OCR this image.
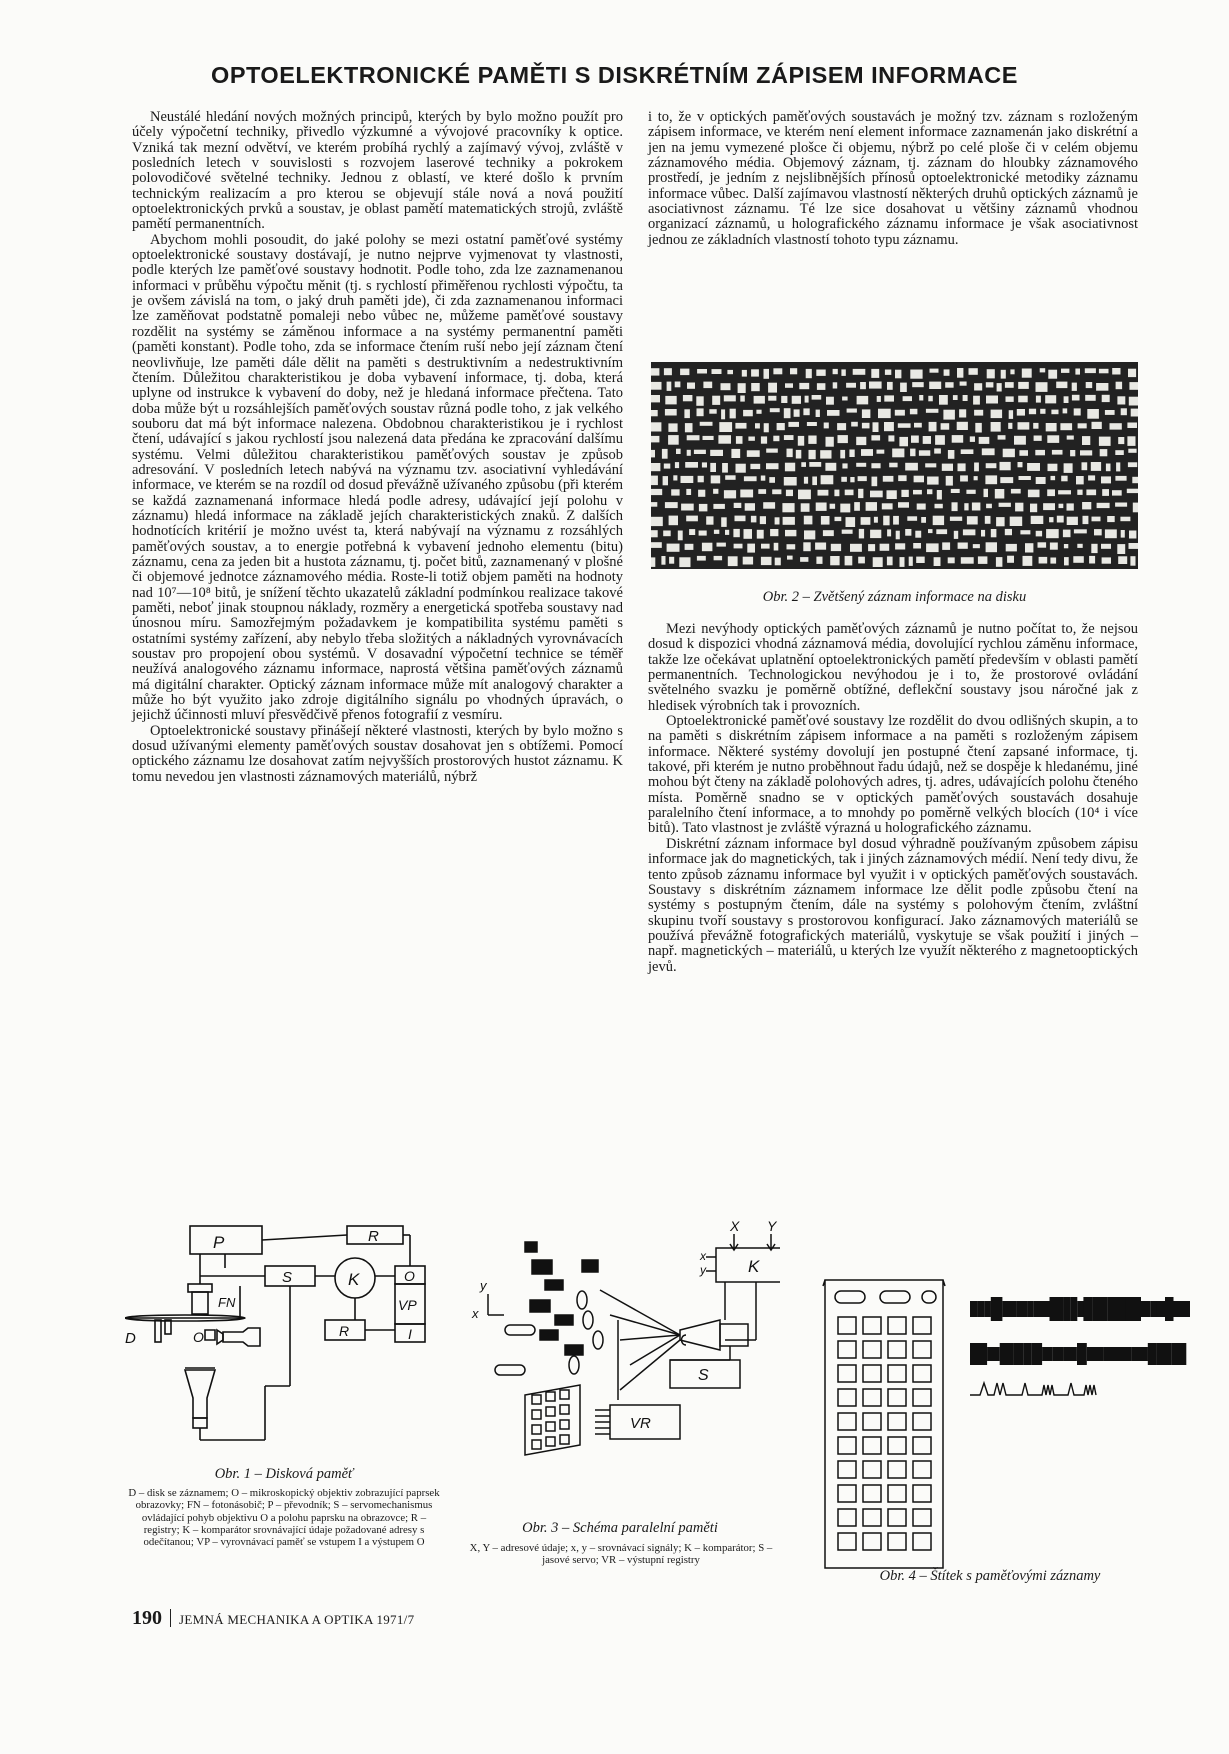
OPTOELEKTRONICKÉ PAMĚTI S DISKRÉTNÍM ZÁPISEM INFORMACE

Neustálé hledání nových možných principů, kterých by bylo možno použít pro účely výpočetní techniky, přivedlo výzkumné a vývojové pracovníky k optice. Vzniká tak mezní odvětví, ve kterém probíhá rychlý a zajímavý vývoj, zvláště v posledních letech v souvislosti s rozvojem laserové techniky a pokrokem polovodičové světelné techniky. Jednou z oblastí, ve které došlo k prvním technickým realizacím a pro kterou se objevují stále nová a nová použití optoelektronických prvků a soustav, je oblast pamětí matematických strojů, zvláště pamětí permanentních.

Abychom mohli posoudit, do jaké polohy se mezi ostatní paměťové systémy optoelektronické soustavy dostávají, je nutno nejprve vyjmenovat ty vlastnosti, podle kterých lze paměťové soustavy hodnotit. Podle toho, zda lze zaznamenanou informaci v průběhu výpočtu měnit (tj. s rychlostí přiměřenou rychlosti výpočtu, ta je ovšem závislá na tom, o jaký druh paměti jde), či zda zaznamenanou informaci lze zaměňovat podstatně pomaleji nebo vůbec ne, můžeme paměťové soustavy rozdělit na systémy se záměnou informace a na systémy permanentní paměti (paměti konstant). Podle toho, zda se informace čtením ruší nebo její záznam čtení neovlivňuje, lze paměti dále dělit na paměti s destruktivním a nedestruktivním čtením. Důležitou charakteristikou je doba vybavení informace, tj. doba, která uplyne od instrukce k vybavení do doby, než je hledaná informace přečtena. Tato doba může být u rozsáhlejších paměťových soustav různá podle toho, z jak velkého souboru dat má být informace nalezena. Obdobnou charakteristikou je i rychlost čtení, udávající s jakou rychlostí jsou nalezená data předána ke zpracování dalšímu systému. Velmi důležitou charakteristikou paměťových soustav je způsob adresování. V posledních letech nabývá na významu tzv. asociativní vyhledávání informace, ve kterém se na rozdíl od dosud převážně užívaného způsobu (při kterém se každá zaznamenaná informace hledá podle adresy, udávající její polohu v záznamu) hledá informace na základě jejích charakteristických znaků. Z dalších hodnotících kritérií je možno uvést ta, která nabývají na významu z rozsáhlých paměťových soustav, a to energie potřebná k vybavení jednoho elementu (bitu) záznamu, cena za jeden bit a hustota záznamu, tj. počet bitů, zaznamenaný v plošné či objemové jednotce záznamového média. Roste-li totiž objem paměti na hodnoty nad 10⁷—10⁸ bitů, je snížení těchto ukazatelů základní podmínkou realizace takové paměti, neboť jinak stoupnou náklady, rozměry a energetická spotřeba soustavy nad únosnou míru. Samozřejmým požadavkem je kompatibilita systému paměti s ostatními systémy zařízení, aby nebylo třeba složitých a nákladných vyrovnávacích soustav pro propojení obou systémů. V dosavadní výpočetní technice se téměř neužívá analogového záznamu informace, naprostá většina paměťových záznamů má digitální charakter. Optický záznam informace může mít analogový charakter a může ho být využito jako zdroje digitálního signálu po vhodných úpravách, o jejichž účinnosti mluví přesvědčivě přenos fotografií z vesmíru.

Optoelektronické soustavy přinášejí některé vlastnosti, kterých by bylo možno s dosud užívanými elementy paměťových soustav dosahovat jen s obtížemi. Pomocí optického záznamu lze dosahovat zatím nejvyšších prostorových hustot záznamu. K tomu nevedou jen vlastnosti záznamových materiálů, nýbrž

i to, že v optických paměťových soustavách je možný tzv. záznam s rozloženým zápisem informace, ve kterém není element informace zaznamenán jako diskrétní a jen na jemu vymezené plošce či objemu, nýbrž po celé ploše či v celém objemu záznamového média. Objemový záznam, tj. záznam do hloubky záznamového prostředí, je jedním z nejslibnějších přínosů optoelektronické metodiky záznamu informace vůbec. Další zajímavou vlastností některých druhů optických záznamů je asociativnost záznamu. Té lze sice dosahovat u většiny záznamů vhodnou organizací záznamů, u holografického záznamu informace je však asociativnost jednou ze základních vlastností tohoto typu záznamu.

Obr. 2 – Zvětšený záznam informace na disku

Mezi nevýhody optických paměťových záznamů je nutno počítat to, že nejsou dosud k dispozici vhodná záznamová média, dovolující rychlou záměnu informace, takže lze očekávat uplatnění optoelektronických pamětí především v oblasti pamětí permanentních. Technologickou nevýhodou je i to, že prostorové ovládání světelného svazku je poměrně obtížné, deflekční soustavy jsou náročné jak z hledisek výrobních tak i provozních.

Optoelektronické paměťové soustavy lze rozdělit do dvou odlišných skupin, a to na paměti s diskrétním zápisem informace a na paměti s rozloženým zápisem informace. Některé systémy dovolují jen postupné čtení zapsané informace, tj. takové, při kterém je nutno proběhnout řadu údajů, než se dospěje k hledanému, jiné mohou být čteny na základě polohových adres, tj. adres, udávajících polohu čteného místa. Poměrně snadno se v optických paměťových soustavách dosahuje paralelního čtení informace, a to mnohdy po poměrně velkých blocích (10⁴ i více bitů). Tato vlastnost je zvláště výrazná u holografického záznamu.

Diskrétní záznam informace byl dosud výhradně používaným způsobem zápisu informace jak do magnetických, tak i jiných záznamových médií. Není tedy divu, že tento způsob záznamu informace byl využit i v optických paměťových soustavách. Soustavy s diskrétním záznamem informace lze dělit podle způsobu čtení na systémy s postupným čtením, dále na systémy s polohovým čtením, zvláštní skupinu tvoří soustavy s prostorovou konfigurací. Jako záznamových materiálů se používá převážně fotografických materiálů, vyskytuje se však použití i jiných – např. magnetických – materiálů, u kterých lze využít některého z magnetooptických jevů.

P	R
S	K	O
VP
I
R
FN
D	O
Obr. 1 – Disková paměť
D – disk se záznamem; O – mikroskopický objektiv zobrazující paprsek obrazovky; FN – fotonásobič; P – převodník; S – servomechanismus ovládající pohyb objektivu O a polohu paprsku na obrazovce; R – registry; K – komparátor srovnávající údaje požadované adresy s odečítanou; VP – vyrovnávací paměť se vstupem I a výstupem O
X Y
K
x
y
S
VR
y
x
Obr. 3 – Schéma paralelní paměti
X, Y – adresové údaje; x, y – srovnávací signály; K – komparátor; S – jasové servo; VR – výstupní registry
Obr. 4 – Štítek s paměťovými záznamy
190 JEMNÁ MECHANIKA A OPTIKA 1971/7
